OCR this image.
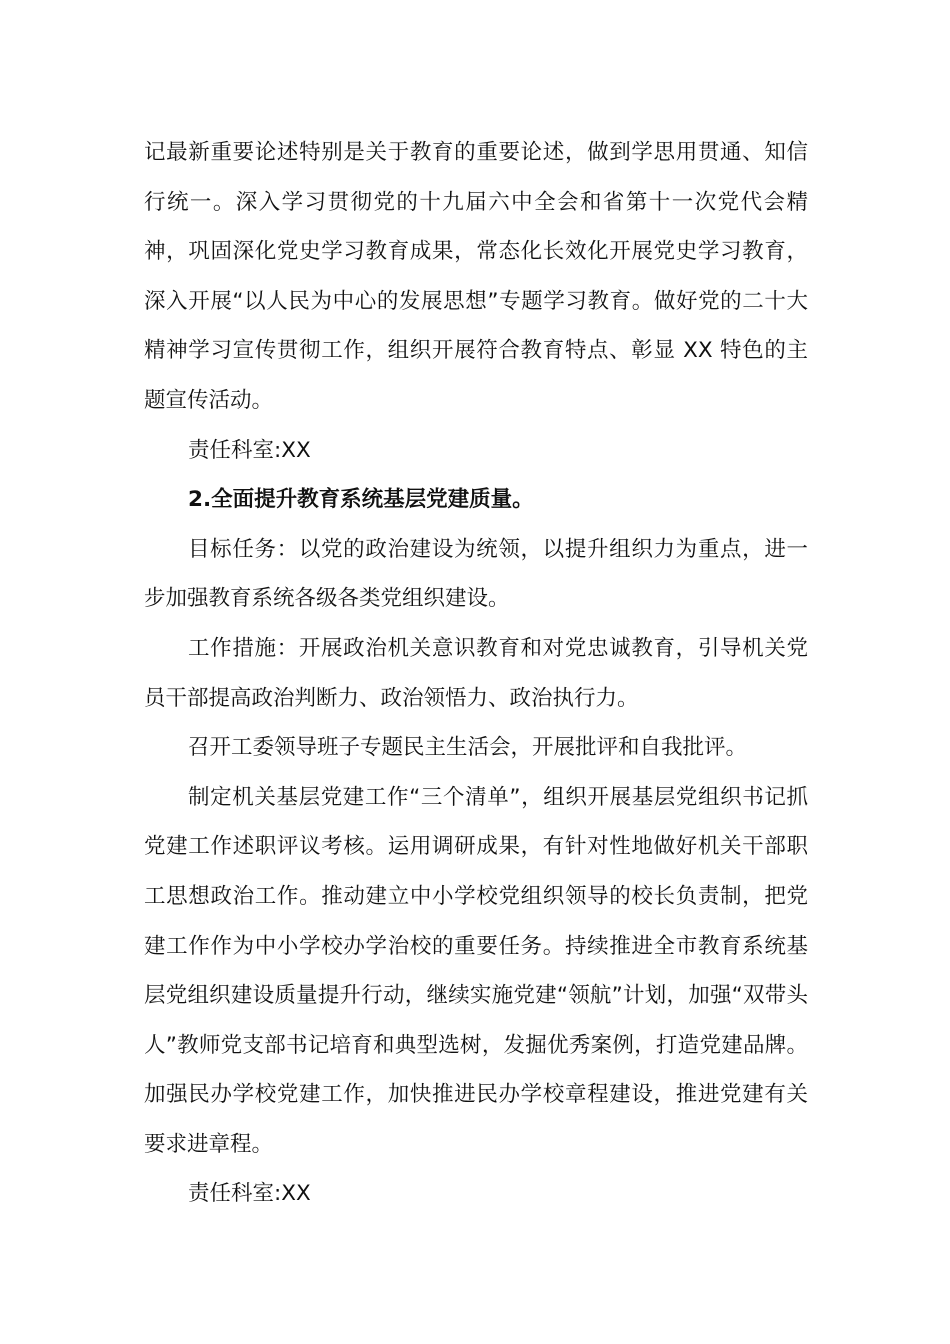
记最新重要论述特别是关于教育的重要论述，做到学思用贯通、知信行统一。深入学习贯彻党的十九届六中全会和省第十一次党代会精神，巩固深化党史学习教育成果，常态化长效化开展党史学习教育，深入开展“以人民为中心的发展思想”专题学习教育。做好党的二十大精神学习宣传贯彻工作，组织开展符合教育特点、彰显 XX 特色的主题宣传活动。

责任科室:XX

2.全面提升教育系统基层党建质量。

目标任务：以党的政治建设为统领，以提升组织力为重点，进一步加强教育系统各级各类党组织建设。

工作措施：开展政治机关意识教育和对党忠诚教育，引导机关党员干部提高政治判断力、政治领悟力、政治执行力。

召开工委领导班子专题民主生活会，开展批评和自我批评。

制定机关基层党建工作“三个清单”，组织开展基层党组织书记抓党建工作述职评议考核。运用调研成果，有针对性地做好机关干部职工思想政治工作。推动建立中小学校党组织领导的校长负责制，把党建工作作为中小学校办学治校的重要任务。持续推进全市教育系统基层党组织建设质量提升行动，继续实施党建“领航”计划，加强“双带头人”教师党支部书记培育和典型选树，发掘优秀案例，打造党建品牌。加强民办学校党建工作，加快推进民办学校章程建设，推进党建有关要求进章程。

责任科室:XX
